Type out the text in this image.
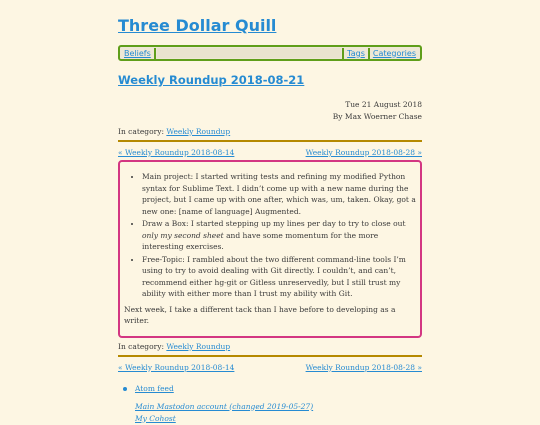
Three Dollar Quill
Beliefs	Tags Categories
Weekly Roundup 2018-08-21
Tue 21 August 2018
By Max Woerner Chase
In category: Weekly Roundup
« Weekly Roundup 2018-08-14	Weekly Roundup 2018-08-28 »
• Main project: I started writing tests and refining my modified Python syntax for Sublime Text. I didn’t come up with a new name during the project, but I came up with one after, which was, um, taken. Okay, got a new one: [name of language] Augmented.
• Draw a Box: I started stepping up my lines per day to try to close out only my second sheet and have some momentum for the more interesting exercises.
• Free-Topic: I rambled about the two different command-line tools I’m using to try to avoid dealing with Git directly. I couldn’t, and can’t, recommend either hg-git or Gitless unreservedly, but I still trust my ability with either more than I trust my ability with Git.

Next week, I take a different tack than I have before to developing as a writer.

In category: Weekly Roundup
« Weekly Roundup 2018-08-14	Weekly Roundup 2018-08-28 »
Atom feed
Main Mastodon account (changed 2019-05-27)
My Cohost
